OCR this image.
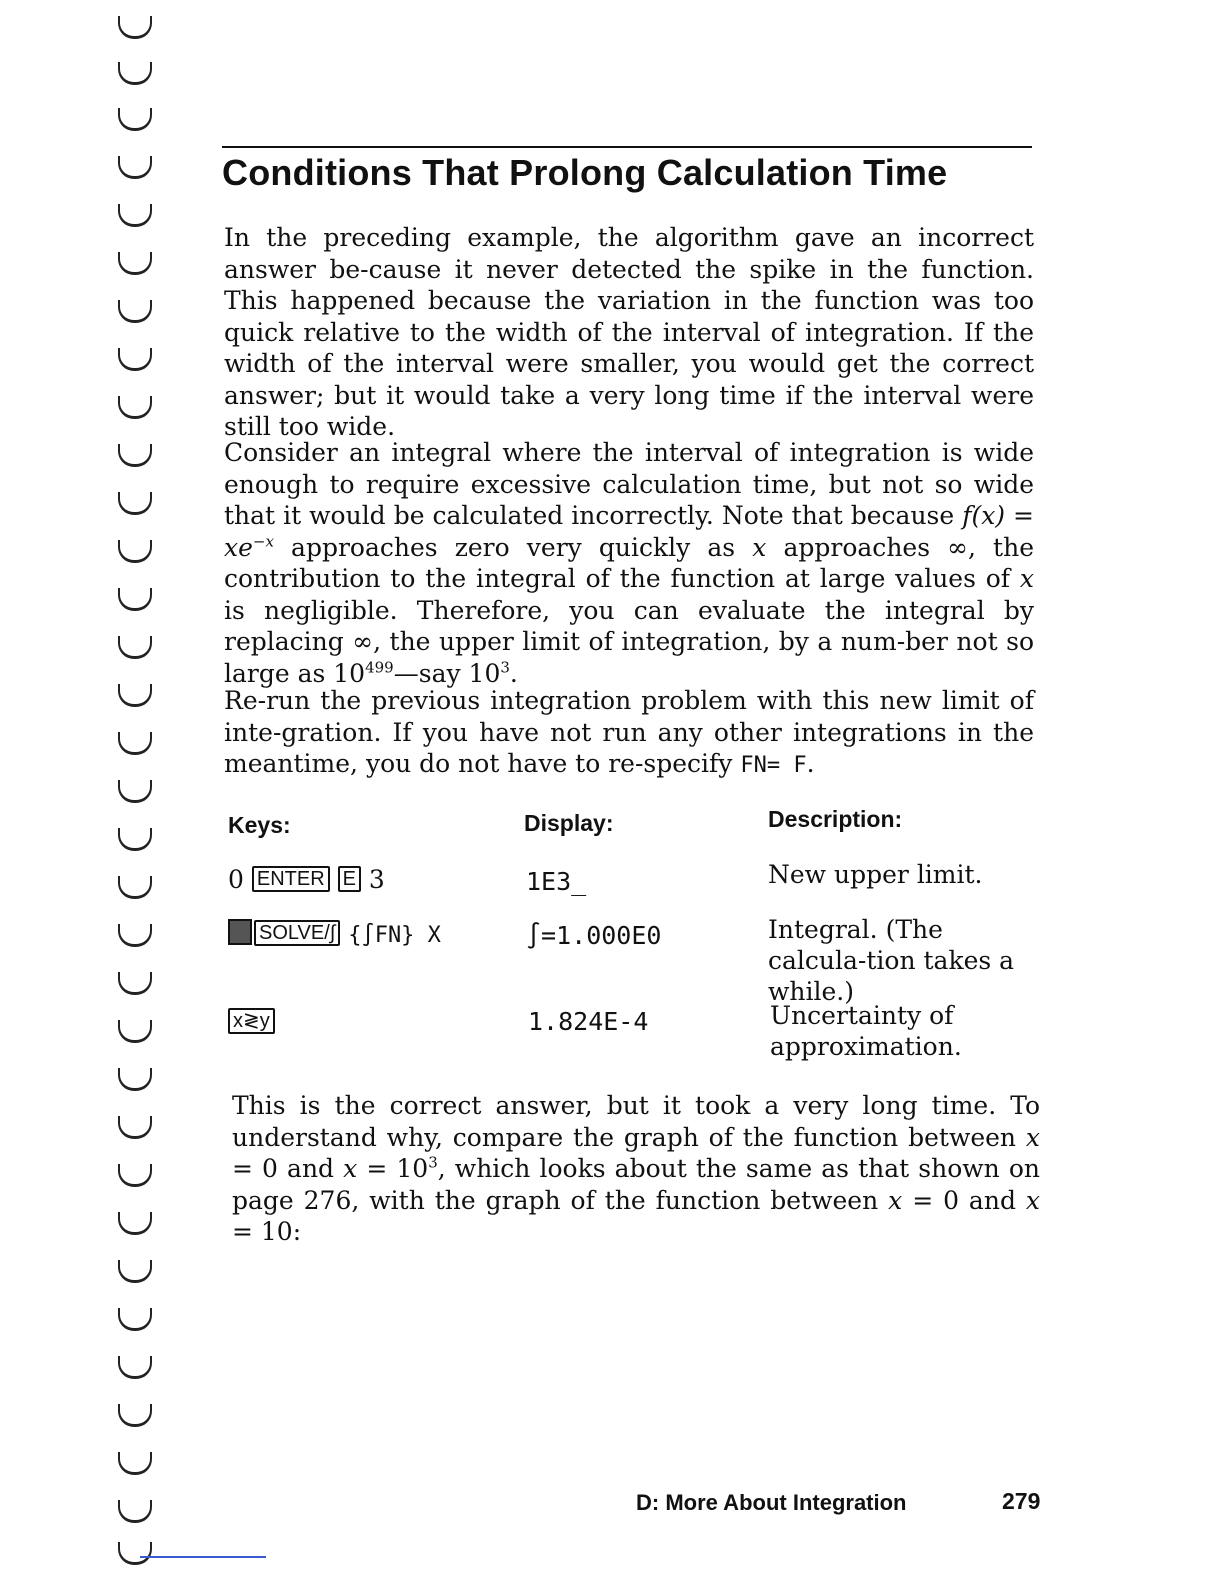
Conditions That Prolong Calculation Time

In the preceding example, the algorithm gave an incorrect answer be-cause it never detected the spike in the function. This happened because the variation in the function was too quick relative to the width of the interval of integration. If the width of the interval were smaller, you would get the correct answer; but it would take a very long time if the interval were still too wide.

Consider an integral where the interval of integration is wide enough to require excessive calculation time, but not so wide that it would be calculated incorrectly. Note that because $f(x) = xe^{-x}$ approaches zero very quickly as x approaches ∞, the contribution to the integral of the function at large values of x is negligible. Therefore, you can evaluate the integral by replacing ∞, the upper limit of integration, by a num-ber not so large as $10^{499}—say$ $10^3$.

Re-run the previous integration problem with this new limit of inte-gration. If you have not run any other integrations in the meantime, you do not have to re-specify FN= F.

Keys:	Display:	Description:
0 ENTER E 3	1E3_	New upper limit.
SOLVE/∫ {∫FN} X	∫=1.000E0	Integral. (The calcula-tion takes a while.)
x≷y	1.824E-4	Uncertainty of approximation.

This is the correct answer, but it took a very long time. To understand why, compare the graph of the function between x = 0 and $x = 10^3$, which looks about the same as that shown on page 276, with the graph of the function between x = 0 and x = 10:

D: More About Integration	279
